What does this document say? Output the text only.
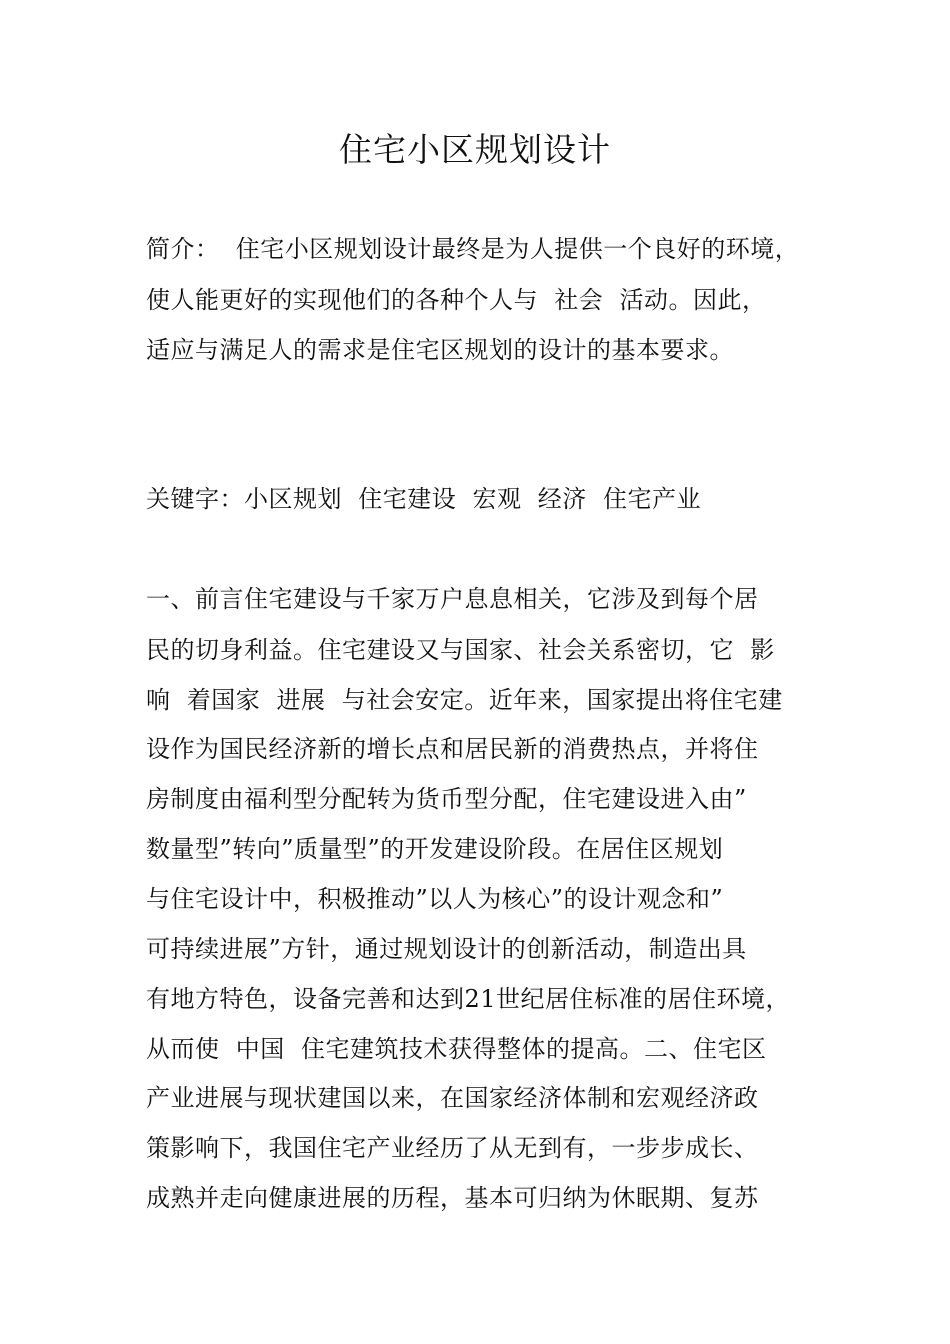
住宅小区规划设计
简介：  住宅小区规划设计最终是为人提供一个良好的环境，
使人能更好的实现他们的各种个人与  社会  活动。因此，
适应与满足人的需求是住宅区规划的设计的基本要求。
关键字：小区规划  住宅建设  宏观  经济  住宅产业
一、前言住宅建设与千家万户息息相关，它涉及到每个居
民的切身利益。住宅建设又与国家、社会关系密切，它  影
响  着国家  进展  与社会安定。近年来，国家提出将住宅建
设作为国民经济新的增长点和居民新的消费热点，并将住
房制度由福利型分配转为货币型分配，住宅建设进入由”
数量型”转向”质量型”的开发建设阶段。在居住区规划
与住宅设计中，积极推动”以人为核心”的设计观念和”
可持续进展”方针，通过规划设计的创新活动，制造出具
有地方特色，设备完善和达到21世纪居住标准的居住环境，
从而使  中国  住宅建筑技术获得整体的提高。二、住宅区
产业进展与现状建国以来，在国家经济体制和宏观经济政
策影响下，我国住宅产业经历了从无到有，一步步成长、
成熟并走向健康进展的历程，基本可归纳为休眠期、复苏
